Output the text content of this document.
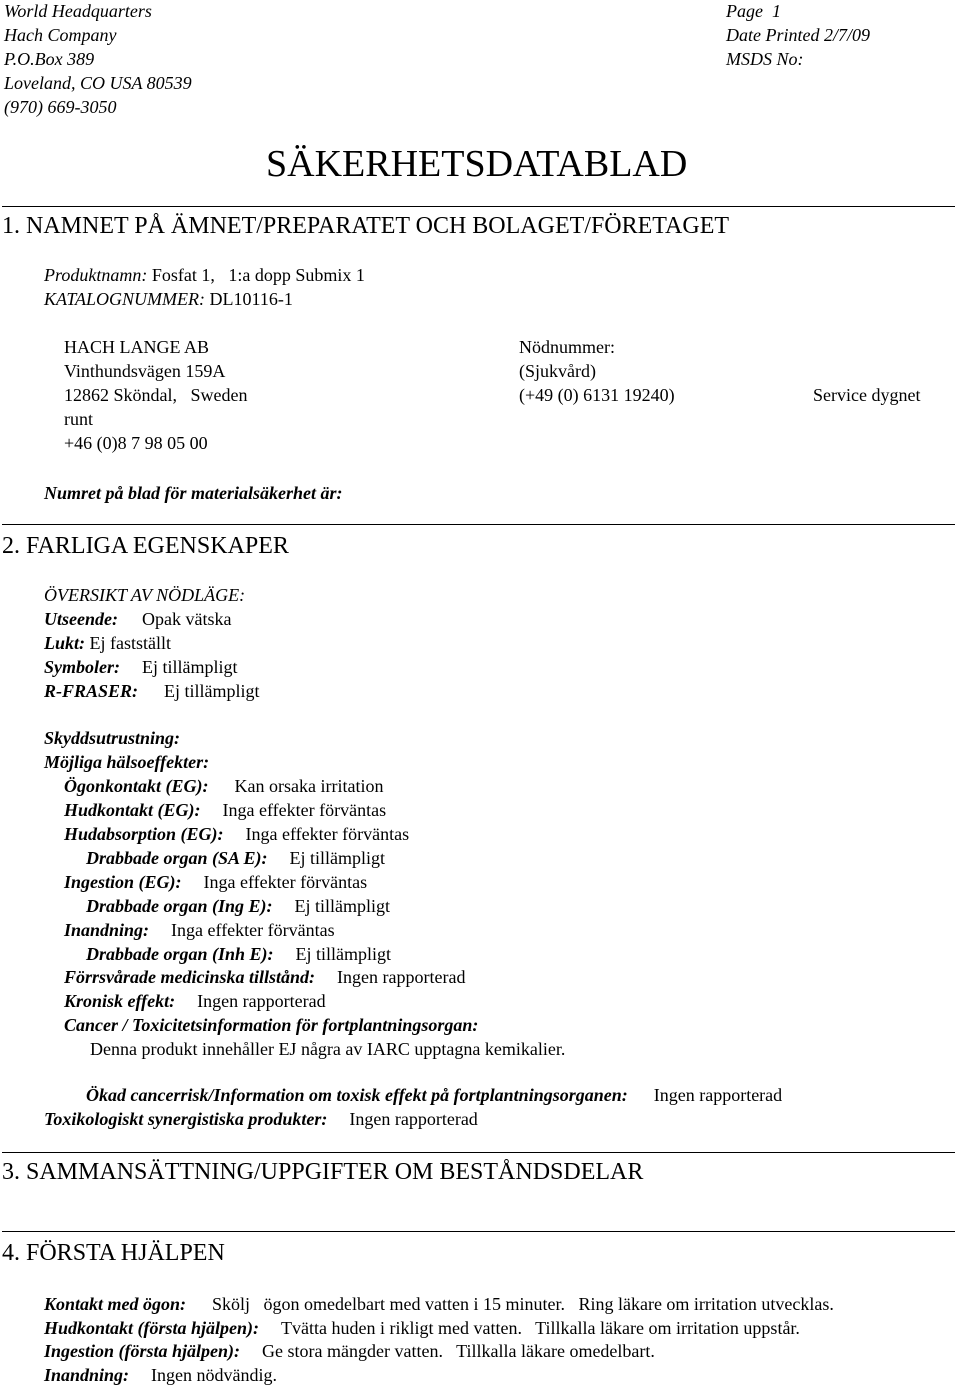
World Headquarters
Hach Company
P.O.Box 389
Loveland, CO USA 80539
(970) 669-3050
Page  1
Date Printed 2/7/09
MSDS No:
SÄKERHETSDATABLAD
1. NAMNET PÅ ÄMNET/PREPARATET OCH BOLAGET/FÖRETAGET
Produktnamn: Fosfat 1,   1:a dopp Submix 1
KATALOGNUMMER: DL10116-1
HACH LANGE AB
Vinthundsvägen 159A
12862 Sköndal,   Sweden
runt
+46 (0)8 7 98 05 00
Nödnummer:
(Sjukvård)
(+49 (0) 6131 19240)	Service dygnet
Numret på blad för materialsäkerhet är:
2. FARLIGA EGENSKAPER
ÖVERSIKT AV NÖDLÄGE:
Utseende: Opak vätska
Lukt: Ej fastställt
Symboler: Ej tillämpligt
R-FRASER: Ej tillämpligt
Skyddsutrustning:
Möjliga hälsoeffekter:
Ögonkontakt (EG): Kan orsaka irritation
Hudkontakt (EG): Inga effekter förväntas
Hudabsorption (EG): Inga effekter förväntas
Drabbade organ (SA E): Ej tillämpligt
Ingestion (EG): Inga effekter förväntas
Drabbade organ (Ing E): Ej tillämpligt
Inandning: Inga effekter förväntas
Drabbade organ (Inh E): Ej tillämpligt
Förrsvårade medicinska tillstånd: Ingen rapporterad
Kronisk effekt: Ingen rapporterad
Cancer / Toxicitetsinformation för fortplantningsorgan:
Denna produkt innehåller EJ några av IARC upptagna kemikalier.
Ökad cancerrisk/Information om toxisk effekt på fortplantningsorganen: Ingen rapporterad
Toxikologiskt synergistiska produkter: Ingen rapporterad
3. SAMMANSÄTTNING/UPPGIFTER OM BESTÅNDSDELAR
4. FÖRSTA HJÄLPEN
Kontakt med ögon: Skölj   ögon omedelbart med vatten i 15 minuter.   Ring läkare om irritation utvecklas.
Hudkontakt (första hjälpen): Tvätta huden i rikligt med vatten.   Tillkalla läkare om irritation uppstår.
Ingestion (första hjälpen): Ge stora mängder vatten.   Tillkalla läkare omedelbart.
Inandning: Ingen nödvändig.
